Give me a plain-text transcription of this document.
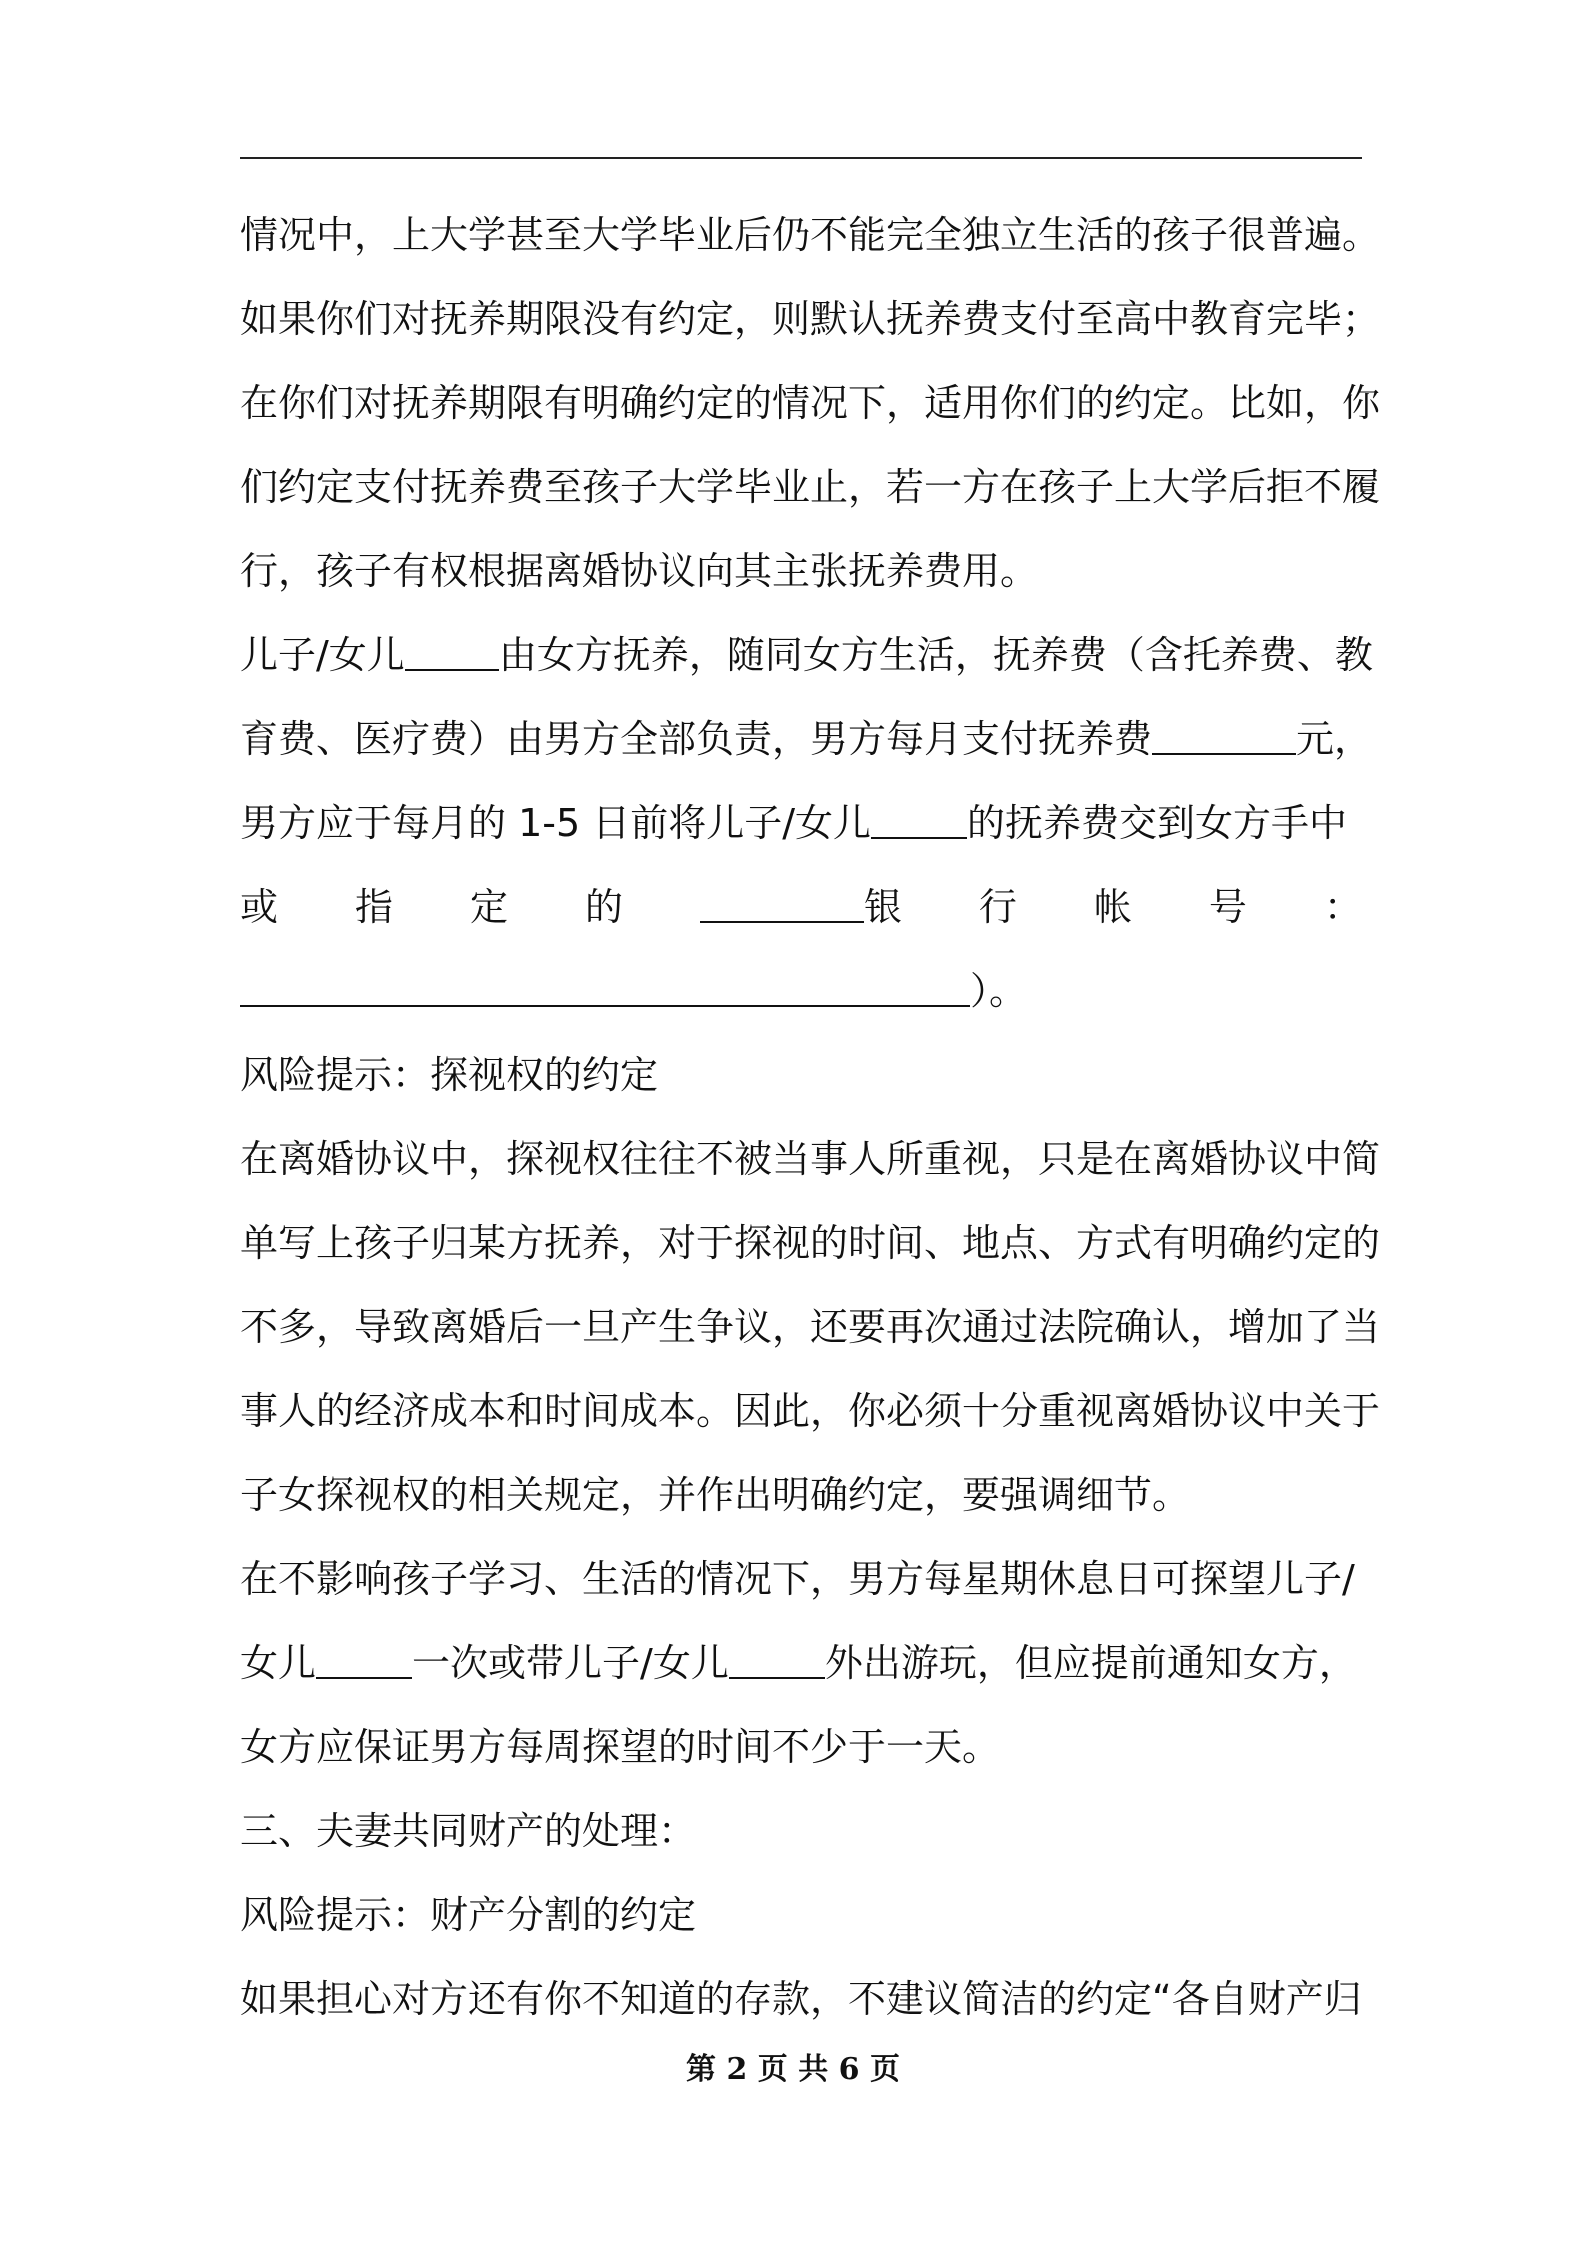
情况中，上大学甚至大学毕业后仍不能完全独立生活的孩子很普遍。
如果你们对抚养期限没有约定，则默认抚养费支付至高中教育完毕；
在你们对抚养期限有明确约定的情况下，适用你们的约定。比如，你
们约定支付抚养费至孩子大学毕业止，若一方在孩子上大学后拒不履
行，孩子有权根据离婚协议向其主张抚养费用。
儿子/女儿 由女方抚养，随同女方生活，抚养费（含托养费、教
育费、医疗费）由男方全部负责，男方每月支付抚养费	元，
男方应于每月的 1-5 日前将儿子/女儿	的抚养费交到女方手中
或 指 定 的	银 行 帐 号 ：
）。
风险提示：探视权的约定
在离婚协议中，探视权往往不被当事人所重视，只是在离婚协议中简
单写上孩子归某方抚养，对于探视的时间、地点、方式有明确约定的
不多，导致离婚后一旦产生争议，还要再次通过法院确认，增加了当
事人的经济成本和时间成本。因此，你必须十分重视离婚协议中关于
子女探视权的相关规定，并作出明确约定，要强调细节。
在不影响孩子学习、生活的情况下，男方每星期休息日可探望儿子/
女儿	一次或带儿子/女儿	外出游玩，但应提前通知女方，
女方应保证男方每周探望的时间不少于一天。
三、夫妻共同财产的处理：
风险提示：财产分割的约定
如果担心对方还有你不知道的存款，不建议简洁的约定“各自财产归
第 2 页 共 6 页
